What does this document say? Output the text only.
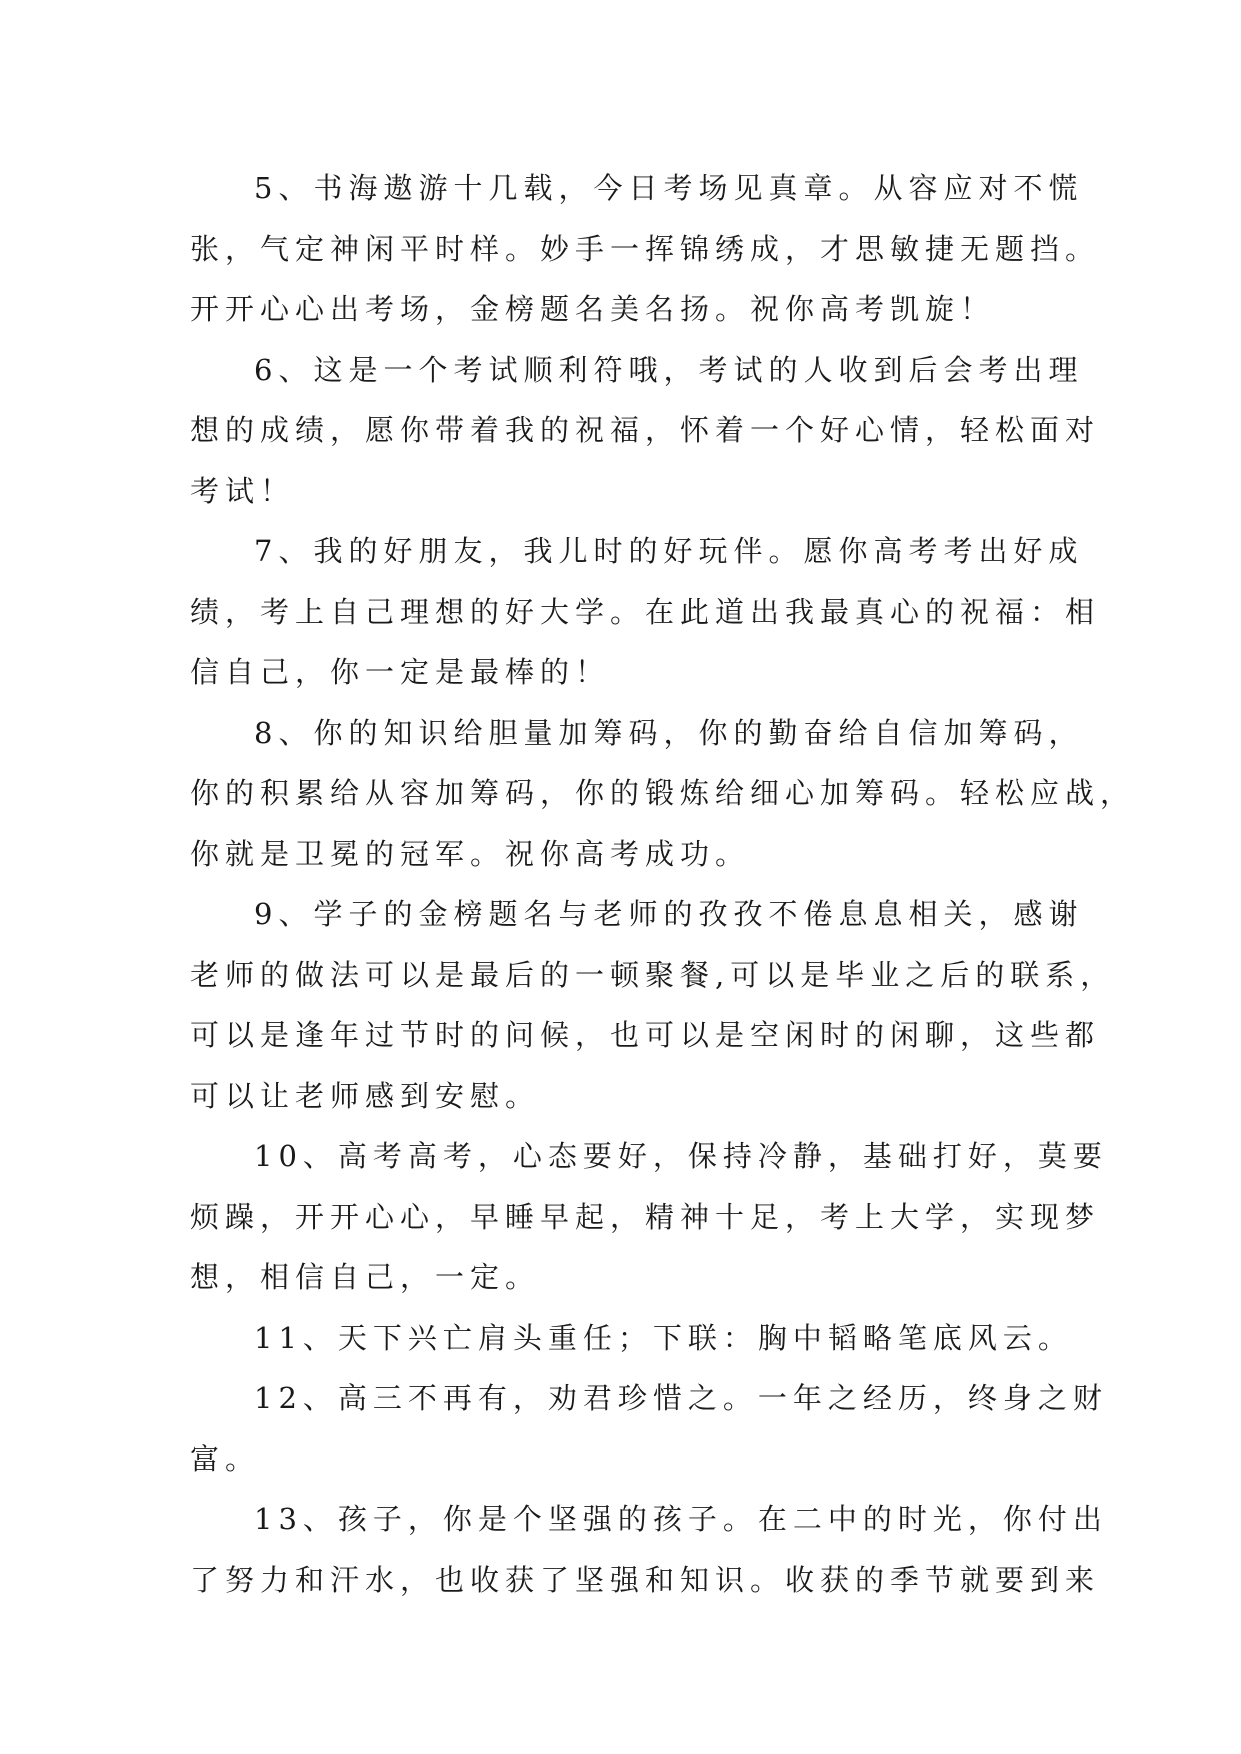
5、书海遨游十几载，今日考场见真章。从容应对不慌
张，气定神闲平时样。妙手一挥锦绣成，才思敏捷无题挡。
开开心心出考场，金榜题名美名扬。祝你高考凯旋！
6、这是一个考试顺利符哦，考试的人收到后会考出理
想的成绩，愿你带着我的祝福，怀着一个好心情，轻松面对
考试！
7、我的好朋友，我儿时的好玩伴。愿你高考考出好成
绩，考上自己理想的好大学。在此道出我最真心的祝福：相
信自己，你一定是最棒的！
8、你的知识给胆量加筹码，你的勤奋给自信加筹码，
你的积累给从容加筹码，你的锻炼给细心加筹码。轻松应战，
你就是卫冕的冠军。祝你高考成功。
9、学子的金榜题名与老师的孜孜不倦息息相关，感谢
老师的做法可以是最后的一顿聚餐,可以是毕业之后的联系，
可以是逢年过节时的问候，也可以是空闲时的闲聊，这些都
可以让老师感到安慰。
10、高考高考，心态要好，保持冷静，基础打好，莫要
烦躁，开开心心，早睡早起，精神十足，考上大学，实现梦
想，相信自己，一定。
11、天下兴亡肩头重任；下联：胸中韬略笔底风云。
12、高三不再有，劝君珍惜之。一年之经历，终身之财
富。
13、孩子，你是个坚强的孩子。在二中的时光，你付出
了努力和汗水，也收获了坚强和知识。收获的季节就要到来
